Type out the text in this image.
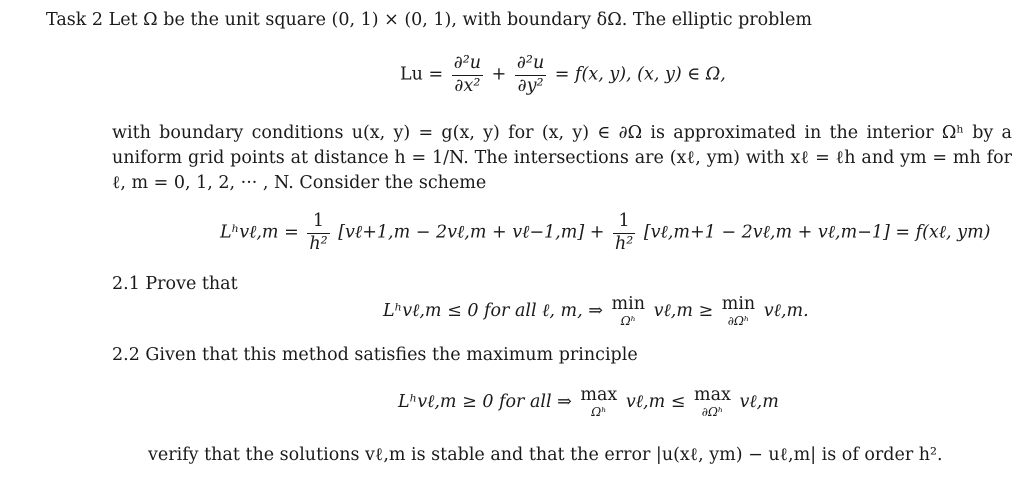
Task 2 Let Ω be the unit square (0, 1) × (0, 1), with boundary δΩ. The elliptic problem
$Lu = \frac{\text{∂²u}}{\text{∂x²}} + \frac{\text{∂²u}}{\text{∂y²}} = f(x$, y), (x, y) ∈ Ω,
with boundary conditions u(x, y) = g(x, y) for (x, y) ∈ ∂Ω is approximated in the interior Ωʰ by a
uniform grid points at distance h = 1/N. The intersections are (xℓ, ym) with xℓ = ℓh and ym = mh for
ℓ, m = 0, 1, 2, ··· , N. Consider the scheme
Lʰvℓ,m = $\frac{1}{\text{h²}}$ [vℓ+1,m − 2vℓ,m + vℓ−1,m] + $\frac{1}{\text{h²}}$ [vℓ,m+1 − 2vℓ,m + vℓ,m−1] = f(xℓ, ym)
2.1 Prove that
Lʰvℓ,m ≤ 0 for all ℓ, m, ⇒ min
Ωʰ	vℓ,m ≥ min
∂Ωʰ vℓ,m.
2.2 Given that this method satisfies the maximum principle
Lʰvℓ,m ≥ 0 for all ⇒ max
Ωʰ	vℓ,m ≤ max
∂Ωʰ vℓ,m
verify that the solutions vℓ,m is stable and that the error |u(xℓ, ym) − uℓ,m| is of order h².
